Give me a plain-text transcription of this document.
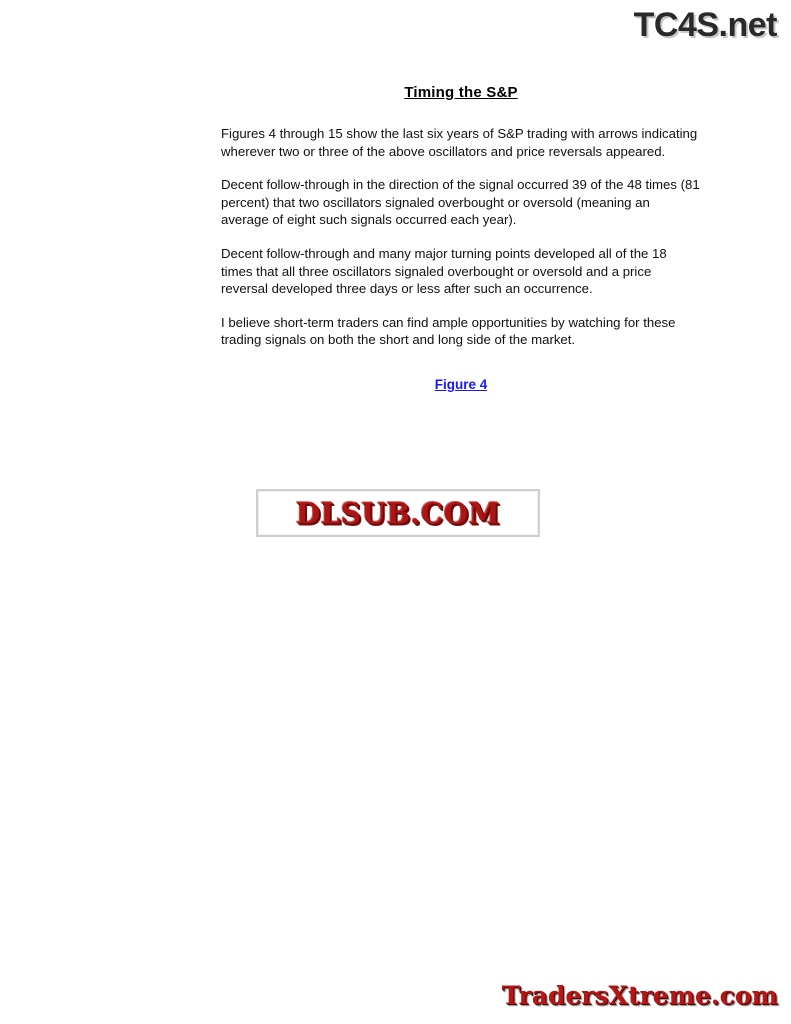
TC4S.net
Timing the S&P

Figures 4 through 15 show the last six years of S&P trading with arrows indicating wherever two or three of the above oscillators and price reversals appeared.

Decent follow-through in the direction of the signal occurred 39 of the 48 times (81 percent) that two oscillators signaled overbought or oversold (meaning an average of eight such signals occurred each year).

Decent follow-through and many major turning points developed all of the 18 times that all three oscillators signaled overbought or oversold and a price reversal developed three days or less after such an occurrence.

I believe short-term traders can find ample opportunities by watching for these trading signals on both the short and long side of the market.

Figure 4
DLSUB.COM
TradersXtreme.com
